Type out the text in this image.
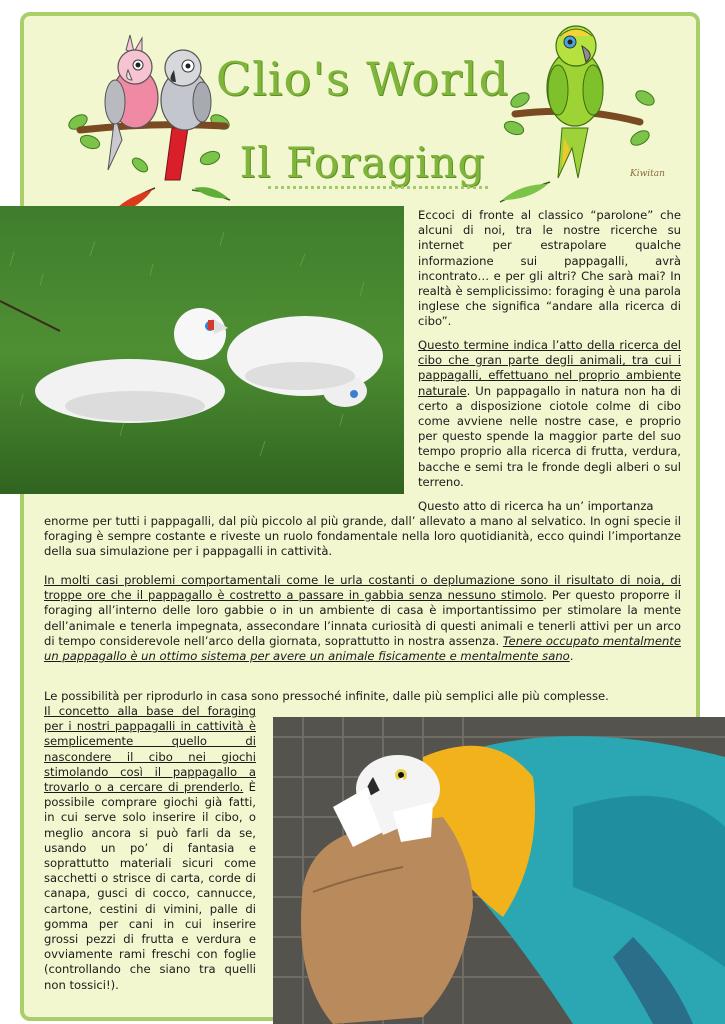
Kiwitan
Clio's World
Il Foraging

Eccoci di fronte al classico “parolone” che alcuni di noi, tra le nostre ricerche su internet per estrapolare qualche informazione sui pappagalli, avrà incontrato… e per gli altri? Che sarà mai? In realtà è semplicissimo: foraging è una parola inglese che significa “andare alla ricerca di cibo”.

Questo termine indica l’atto della ricerca del cibo che gran parte degli animali, tra cui i pappagalli, effettuano nel proprio ambiente naturale. Un pappagallo in natura non ha di certo a disposizione ciotole colme di cibo come avviene nelle nostre case, e proprio per questo spende la maggior parte del suo tempo proprio alla ricerca di frutta, verdura, bacche e semi tra le fronde degli alberi o sul terreno.

Questo atto di ricerca ha un’ importanza

enorme per tutti i pappagalli, dal più piccolo al più grande, dall’ allevato a mano al selvatico. In ogni specie il foraging è sempre costante e riveste un ruolo fondamentale nella loro quotidianità, ecco quindi l’importanze della sua simulazione per i pappagalli in cattività.

In molti casi problemi comportamentali come le urla costanti o deplumazione sono il risultato di noia, di troppe ore che il pappagallo è costretto a passare in gabbia senza nessuno stimolo. Per questo proporre il foraging all’interno delle loro gabbie o in un ambiente di casa è importantissimo per stimolare la mente dell’animale e tenerla impegnata, assecondare l’innata curiosità di questi animali e tenerli attivi per un arco di tempo considerevole nell’arco della giornata, soprattutto in nostra assenza. Tenere occupato mentalmente un pappagallo è un ottimo sistema per avere un animale fisicamente e mentalmente sano.

Le possibilità per riprodurlo in casa sono pressoché infinite, dalle più semplici alle più complesse.

Il concetto alla base del foraging per i nostri pappagalli in cattività è semplicemente quello di nascondere il cibo nei giochi stimolando così il pappagallo a trovarlo o a cercare di prenderlo. È possibile comprare giochi già fatti, in cui serve solo inserire il cibo, o meglio ancora si può farli da se, usando un po’ di fantasia e soprattutto materiali sicuri come sacchetti o strisce di carta, corde di canapa, gusci di cocco, cannucce, cartone, cestini di vimini, palle di gomma per cani in cui inserire grossi pezzi di frutta e verdura e ovviamente rami freschi con foglie (controllando che siano tra quelli non tossici!).
